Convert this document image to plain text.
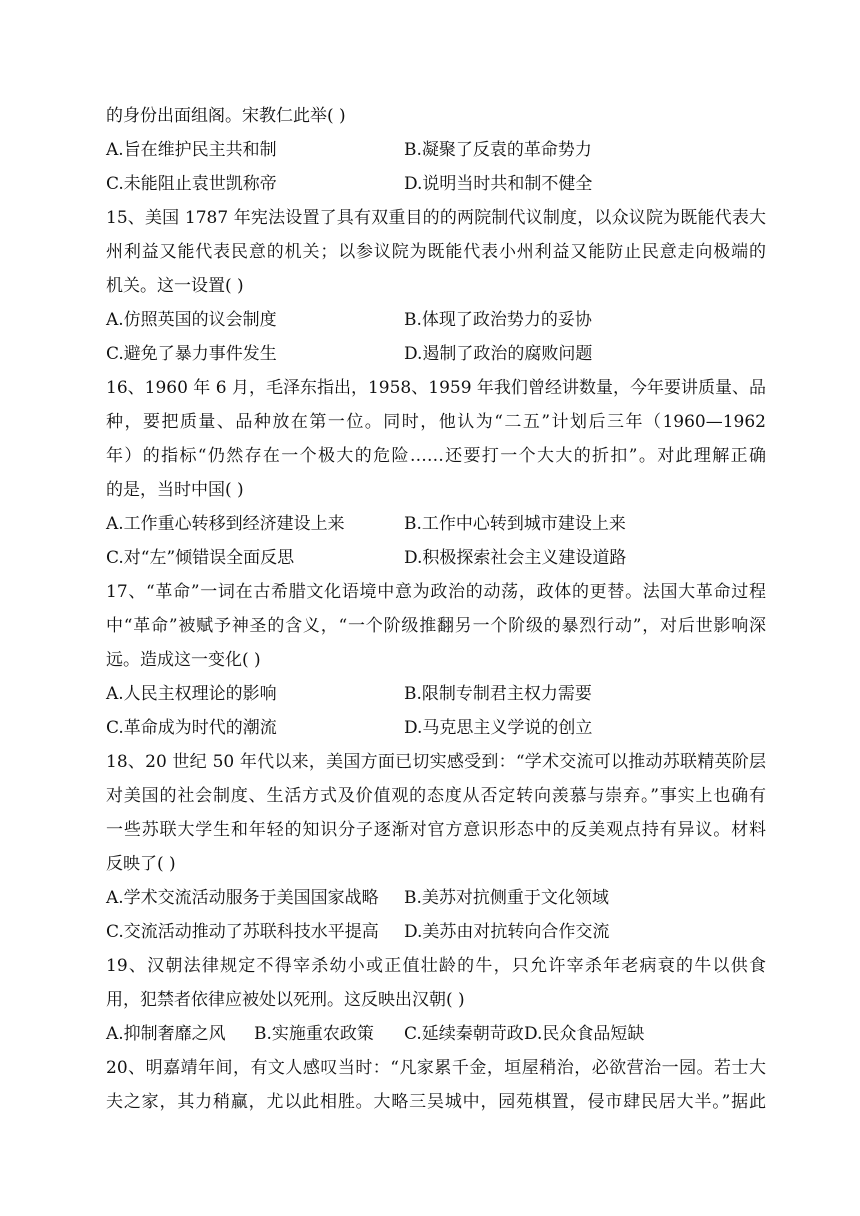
的身份出面组阁。宋教仁此举( )
A.旨在维护民主共和制	B.凝聚了反袁的革命势力
C.未能阻止袁世凯称帝	D.说明当时共和制不健全
15、美国 1787 年宪法设置了具有双重目的的两院制代议制度，以众议院为既能代表大
州利益又能代表民意的机关；以参议院为既能代表小州利益又能防止民意走向极端的
机关。这一设置( )
A.仿照英国的议会制度	B.体现了政治势力的妥协
C.避免了暴力事件发生	D.遏制了政治的腐败问题
16、1960 年 6 月，毛泽东指出，1958、1959 年我们曾经讲数量，今年要讲质量、品
种，要把质量、品种放在第一位。同时，他认为“二五”计划后三年（1960—1962
年）的指标“仍然存在一个极大的危险……还要打一个大大的折扣”。对此理解正确
的是，当时中国( )
A.工作重心转移到经济建设上来	B.工作中心转到城市建设上来
C.对“左”倾错误全面反思	D.积极探索社会主义建设道路
17、“革命”一词在古希腊文化语境中意为政治的动荡，政体的更替。法国大革命过程
中“革命”被赋予神圣的含义，“一个阶级推翻另一个阶级的暴烈行动”，对后世影响深
远。造成这一变化( )
A.人民主权理论的影响	B.限制专制君主权力需要
C.革命成为时代的潮流	D.马克思主义学说的创立
18、20 世纪 50 年代以来，美国方面已切实感受到：“学术交流可以推动苏联精英阶层
对美国的社会制度、生活方式及价值观的态度从否定转向羡慕与崇弃。”事实上也确有
一些苏联大学生和年轻的知识分子逐渐对官方意识形态中的反美观点持有异议。材料
反映了( )
A.学术交流活动服务于美国国家战略 B.美苏对抗侧重于文化领域
C.交流活动推动了苏联科技水平提高 D.美苏由对抗转向合作交流
19、汉朝法律规定不得宰杀幼小或正值壮龄的牛，只允许宰杀年老病衰的牛以供食
用，犯禁者依律应被处以死刑。这反映出汉朝( )
A.抑制奢靡之风 B.实施重农政策 C.延续秦朝苛政 D.民众食品短缺
20、明嘉靖年间，有文人感叹当时：“凡家累千金，垣屋稍治，必欲营治一园。若士大
夫之家，其力稍赢，尤以此相胜。大略三吴城中，园苑棋置，侵市肆民居大半。”据此
